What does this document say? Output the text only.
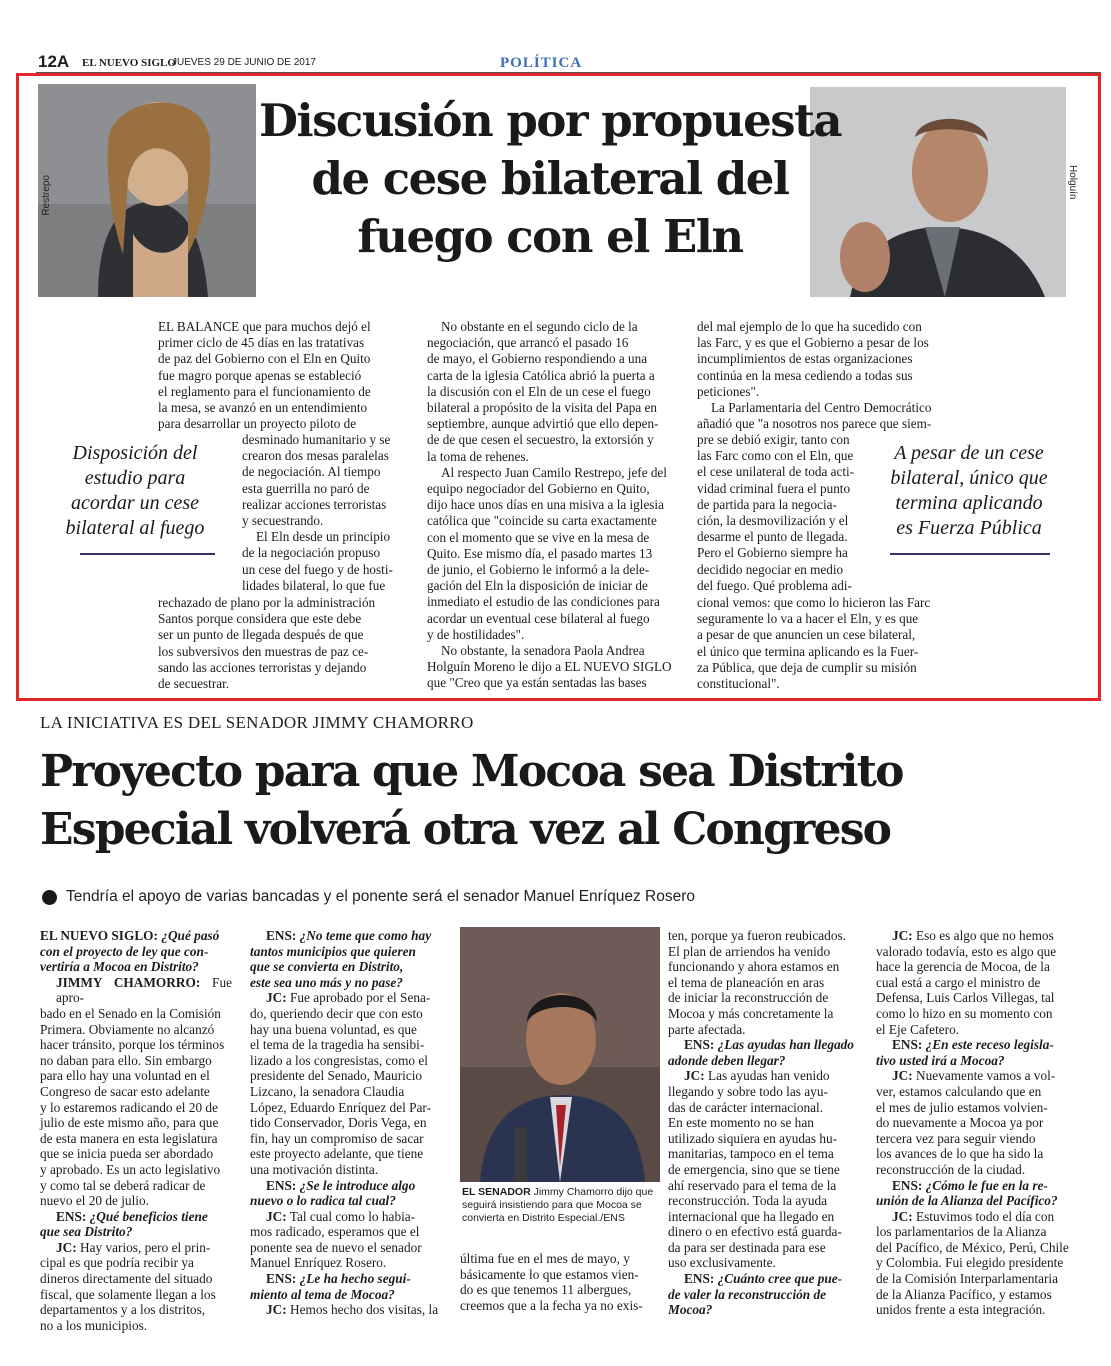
12A EL NUEVO SIGLO
JUEVES 29 DE JUNIO DE 2017	POLÍTICA
Restrepo	Holguín
Discusión por propuesta
de cese bilateral del
fuego con el Eln
EL BALANCE que para muchos dejó el
primer ciclo de 45 días en las tratativas
de paz del Gobierno con el Eln en Quito
fue magro porque apenas se estableció
el reglamento para el funcionamiento de
la mesa, se avanzó en un entendimiento
para desarrollar un proyecto piloto de
desminado humanitario y se
crearon dos mesas paralelas
de negociación. Al tiempo
esta guerrilla no paró de
realizar acciones terroristas
y secuestrando.
El Eln desde un principio
de la negociación propuso
un cese del fuego y de hosti-
lidades bilateral, lo que fue
rechazado de plano por la administración
Santos porque considera que este debe
ser un punto de llegada después de que
los subversivos den muestras de paz ce-
sando las acciones terroristas y dejando
de secuestrar.
Disposición del
estudio para
acordar un cese
bilateral al fuego
No obstante en el segundo ciclo de la
negociación, que arrancó el pasado 16
de mayo, el Gobierno respondiendo a una
carta de la iglesia Católica abrió la puerta a
la discusión con el Eln de un cese el fuego
bilateral a propósito de la visita del Papa en
septiembre, aunque advirtió que ello depen-
de de que cesen el secuestro, la extorsión y
la toma de rehenes.
Al respecto Juan Camilo Restrepo, jefe del
equipo negociador del Gobierno en Quito,
dijo hace unos días en una misiva a la iglesia
católica que "coincide su carta exactamente
con el momento que se vive en la mesa de
Quito. Ese mismo día, el pasado martes 13
de junio, el Gobierno le informó a la dele-
gación del Eln la disposición de iniciar de
inmediato el estudio de las condiciones para
acordar un eventual cese bilateral al fuego
y de hostilidades".
No obstante, la senadora Paola Andrea
Holguín Moreno le dijo a EL NUEVO SIGLO
que "Creo que ya están sentadas las bases
del mal ejemplo de lo que ha sucedido con
las Farc, y es que el Gobierno a pesar de los
incumplimientos de estas organizaciones
continúa en la mesa cediendo a todas sus
peticiones".
La Parlamentaria del Centro Democrático
añadió que "a nosotros nos parece que siem-
pre se debió exigir, tanto con
las Farc como con el Eln, que
el cese unilateral de toda acti-
vidad criminal fuera el punto
de partida para la negocia-
ción, la desmovilización y el
desarme el punto de llegada.
Pero el Gobierno siempre ha
decidido negociar en medio
del fuego. Qué problema adi-
cional vemos: que como lo hicieron las Farc
seguramente lo va a hacer el Eln, y es que
a pesar de que anuncien un cese bilateral,
el único que termina aplicando es la Fuer-
za Pública, que deja de cumplir su misión
constitucional".
A pesar de un cese
bilateral, único que
termina aplicando
es Fuerza Pública
LA INICIATIVA ES DEL SENADOR JIMMY CHAMORRO
Proyecto para que Mocoa sea Distrito
Especial volverá otra vez al Congreso
Tendría el apoyo de varias bancadas y el ponente será el senador Manuel Enríquez Rosero
EL NUEVO SIGLO: ¿Qué pasó
con el proyecto de ley que con-
vertiría a Mocoa en Distrito?
JIMMY CHAMORRO: Fue apro-
bado en el Senado en la Comisión
Primera. Obviamente no alcanzó
hacer tránsito, porque los términos
no daban para ello. Sin embargo
para ello hay una voluntad en el
Congreso de sacar esto adelante
y lo estaremos radicando el 20 de
julio de este mismo año, para que
de esta manera en esta legislatura
que se inicia pueda ser abordado
y aprobado. Es un acto legislativo
y como tal se deberá radicar de
nuevo el 20 de julio.
ENS: ¿Qué beneficios tiene
que sea Distrito?
JC: Hay varios, pero el prin-
cipal es que podría recibir ya
dineros directamente del situado
fiscal, que solamente llegan a los
departamentos y a los distritos,
no a los municipios.
ENS: ¿No teme que como hay
tantos municipios que quieren
que se convierta en Distrito,
este sea uno más y no pase?
JC: Fue aprobado por el Sena-
do, queriendo decir que con esto
hay una buena voluntad, es que
el tema de la tragedia ha sensibi-
lizado a los congresistas, como el
presidente del Senado, Mauricio
Lizcano, la senadora Claudia
López, Eduardo Enríquez del Par-
tido Conservador, Doris Vega, en
fin, hay un compromiso de sacar
este proyecto adelante, que tiene
una motivación distinta.
ENS: ¿Se le introduce algo
nuevo o lo radica tal cual?
JC: Tal cual como lo habia-
mos radicado, esperamos que el
ponente sea de nuevo el senador
Manuel Enríquez Rosero.
ENS: ¿Le ha hecho segui-
miento al tema de Mocoa?
JC: Hemos hecho dos visitas, la
EL SENADOR Jimmy Chamorro dijo que seguirá insistiendo para que Mocoa se convierta en Distrito Especial./ENS
última fue en el mes de mayo, y
básicamente lo que estamos vien-
do es que tenemos 11 albergues,
creemos que a la fecha ya no exis-
ten, porque ya fueron reubicados.
El plan de arriendos ha venido
funcionando y ahora estamos en
el tema de planeación en aras
de iniciar la reconstrucción de
Mocoa y más concretamente la
parte afectada.
ENS: ¿Las ayudas han llegado
adonde deben llegar?
JC: Las ayudas han venido
llegando y sobre todo las ayu-
das de carácter internacional.
En este momento no se han
utilizado siquiera en ayudas hu-
manitarias, tampoco en el tema
de emergencia, sino que se tiene
ahí reservado para el tema de la
reconstrucción. Toda la ayuda
internacional que ha llegado en
dinero o en efectivo está guarda-
da para ser destinada para ese
uso exclusivamente.
ENS: ¿Cuánto cree que pue-
de valer la reconstrucción de
Mocoa?
JC: Eso es algo que no hemos
valorado todavía, esto es algo que
hace la gerencia de Mocoa, de la
cual está a cargo el ministro de
Defensa, Luis Carlos Villegas, tal
como lo hizo en su momento con
el Eje Cafetero.
ENS: ¿En este receso legisla-
tivo usted irá a Mocoa?
JC: Nuevamente vamos a vol-
ver, estamos calculando que en
el mes de julio estamos volvien-
do nuevamente a Mocoa ya por
tercera vez para seguir viendo
los avances de lo que ha sido la
reconstrucción de la ciudad.
ENS: ¿Cómo le fue en la re-
unión de la Alianza del Pacífico?
JC: Estuvimos todo el día con
los parlamentarios de la Alianza
del Pacífico, de México, Perú, Chile
y Colombia. Fui elegido presidente
de la Comisión Interparlamentaria
de la Alianza Pacífico, y estamos
unidos frente a esta integración.
